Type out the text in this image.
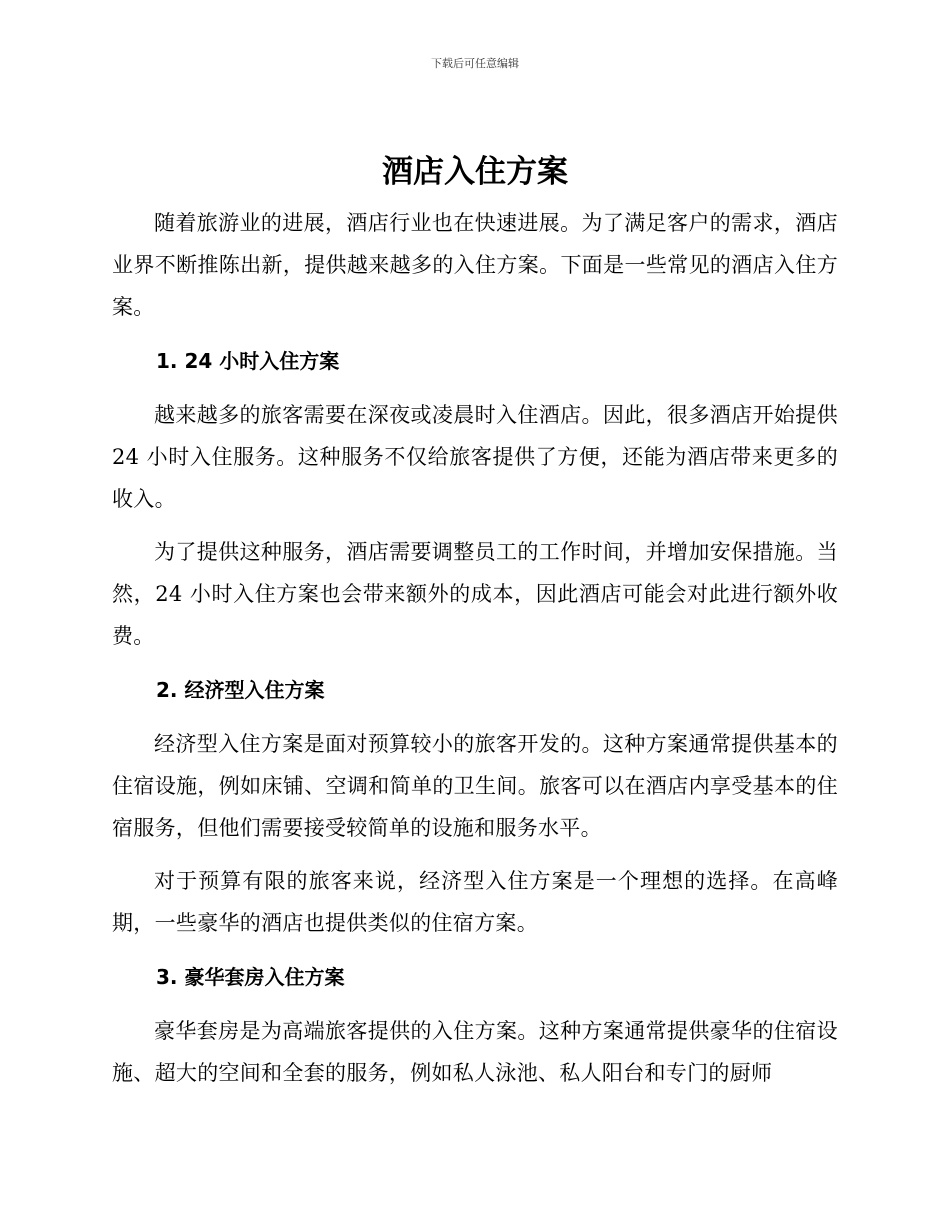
下载后可任意编辑
酒店入住方案

随着旅游业的进展，酒店行业也在快速进展。为了满足客户的需求，酒店业界不断推陈出新，提供越来越多的入住方案。下面是一些常见的酒店入住方案。

1. 24 小时入住方案

越来越多的旅客需要在深夜或凌晨时入住酒店。因此，很多酒店开始提供 24 小时入住服务。这种服务不仅给旅客提供了方便，还能为酒店带来更多的收入。

为了提供这种服务，酒店需要调整员工的工作时间，并增加安保措施。当然，24 小时入住方案也会带来额外的成本，因此酒店可能会对此进行额外收费。

2. 经济型入住方案

经济型入住方案是面对预算较小的旅客开发的。这种方案通常提供基本的住宿设施，例如床铺、空调和简单的卫生间。旅客可以在酒店内享受基本的住宿服务，但他们需要接受较简单的设施和服务水平。

对于预算有限的旅客来说，经济型入住方案是一个理想的选择。在高峰期，一些豪华的酒店也提供类似的住宿方案。

3. 豪华套房入住方案

豪华套房是为高端旅客提供的入住方案。这种方案通常提供豪华的住宿设施、超大的空间和全套的服务，例如私人泳池、私人阳台和专门的厨师
